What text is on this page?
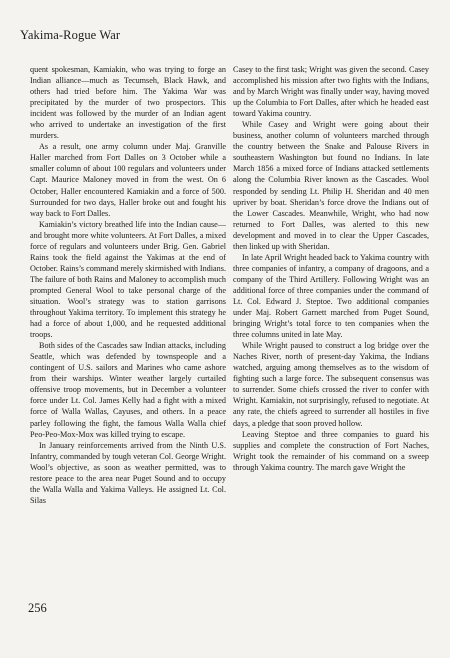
Yakima-Rogue War

quent spokesman, Kamiakin, who was trying to forge an Indian alliance—much as Tecumseh, Black Hawk, and others had tried before him. The Yakima War was precipitated by the murder of two prospectors. This incident was followed by the murder of an Indian agent who arrived to undertake an investigation of the first murders.

As a result, one army column under Maj. Granville Haller marched from Fort Dalles on 3 October while a smaller column of about 100 regulars and volunteers under Capt. Maurice Maloney moved in from the west. On 6 October, Haller encountered Kamiakin and a force of 500. Surrounded for two days, Haller broke out and fought his way back to Fort Dalles.

Kamiakin’s victory breathed life into the Indian cause—and brought more white volunteers. At Fort Dalles, a mixed force of regulars and volunteers under Brig. Gen. Gabriel Rains took the field against the Yakimas at the end of October. Rains’s command merely skirmished with Indians. The failure of both Rains and Maloney to accomplish much prompted General Wool to take personal charge of the situation. Wool’s strategy was to station garrisons throughout Yakima territory. To implement this strategy he had a force of about 1,000, and he requested additional troops.

Both sides of the Cascades saw Indian attacks, including Seattle, which was defended by townspeople and a contingent of U.S. sailors and Marines who came ashore from their warships. Winter weather largely curtailed offensive troop movements, but in December a volunteer force under Lt. Col. James Kelly had a fight with a mixed force of Walla Wallas, Cayuses, and others. In a peace parley following the fight, the famous Walla Walla chief Peo-Peo-Mox-Mox was killed trying to escape.

In January reinforcements arrived from the Ninth U.S. Infantry, commanded by tough veteran Col. George Wright. Wool’s objective, as soon as weather permitted, was to restore peace to the area near Puget Sound and to occupy the Walla Walla and Yakima Valleys. He assigned Lt. Col. Silas

Casey to the first task; Wright was given the second. Casey accomplished his mission after two fights with the Indians, and by March Wright was finally under way, having moved up the Columbia to Fort Dalles, after which he headed east toward Yakima country.

While Casey and Wright were going about their business, another column of volunteers marched through the country between the Snake and Palouse Rivers in southeastern Washington but found no Indians. In late March 1856 a mixed force of Indians attacked settlements along the Columbia River known as the Cascades. Wool responded by sending Lt. Philip H. Sheridan and 40 men upriver by boat. Sheridan’s force drove the Indians out of the Lower Cascades. Meanwhile, Wright, who had now returned to Fort Dalles, was alerted to this new development and moved in to clear the Upper Cascades, then linked up with Sheridan.

In late April Wright headed back to Yakima country with three companies of infantry, a company of dragoons, and a company of the Third Artillery. Following Wright was an additional force of three companies under the command of Lt. Col. Edward J. Steptoe. Two additional companies under Maj. Robert Garnett marched from Puget Sound, bringing Wright’s total force to ten companies when the three columns united in late May.

While Wright paused to construct a log bridge over the Naches River, north of present-day Yakima, the Indians watched, arguing among themselves as to the wisdom of fighting such a large force. The subsequent consensus was to surrender. Some chiefs crossed the river to confer with Wright. Kamiakin, not surprisingly, refused to negotiate. At any rate, the chiefs agreed to surrender all hostiles in five days, a pledge that soon proved hollow.

Leaving Steptoe and three companies to guard his supplies and complete the construction of Fort Naches, Wright took the remainder of his command on a sweep through Yakima country. The march gave Wright the

256
